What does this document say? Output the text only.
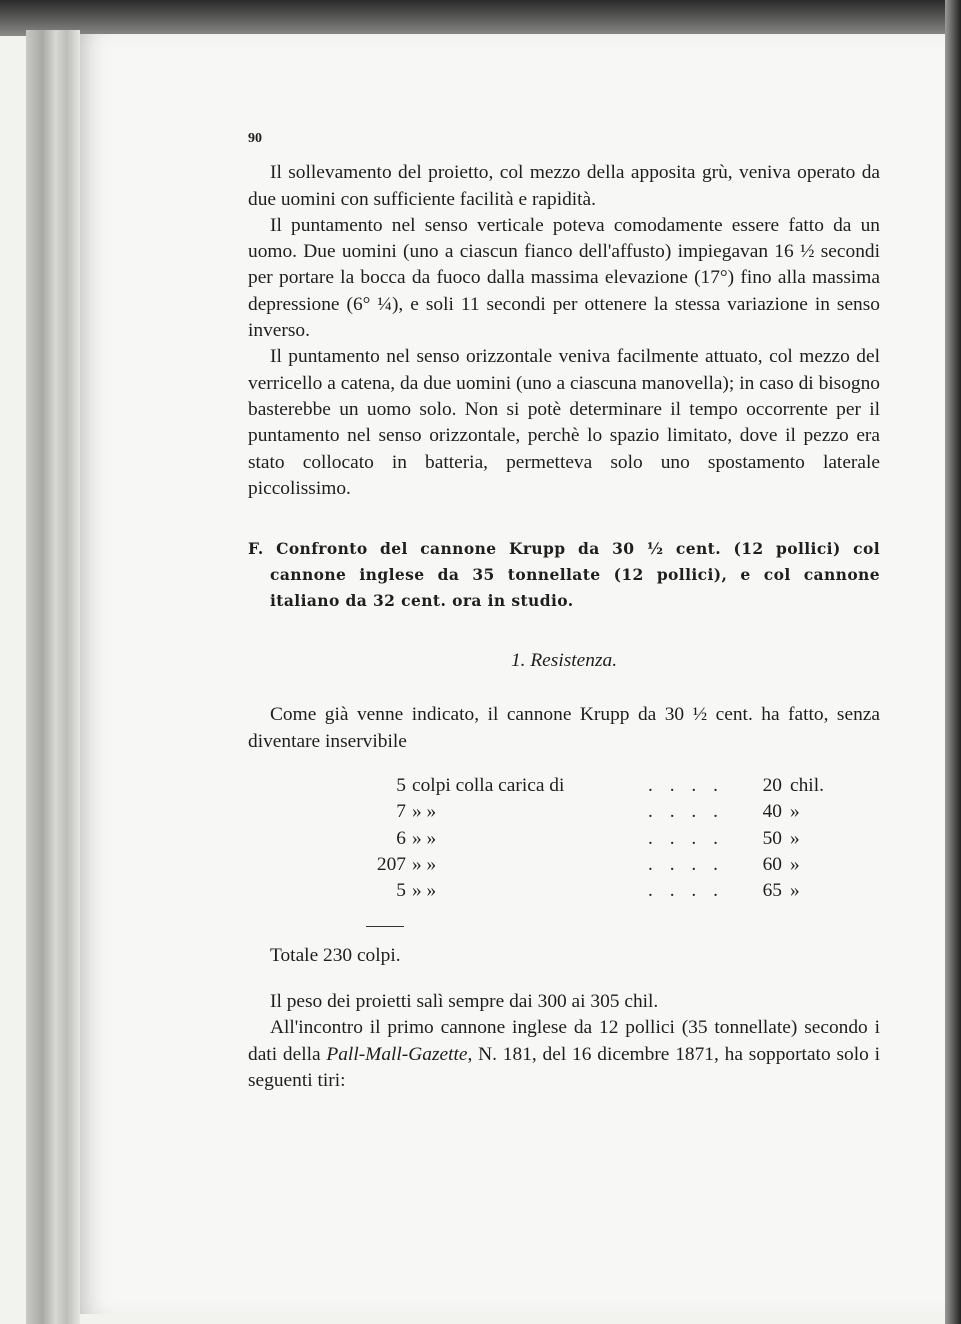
90

Il sollevamento del proietto, col mezzo della apposita grù, veniva operato da due uomini con sufficiente facilità e rapidità.

Il puntamento nel senso verticale poteva comodamente essere fatto da un uomo. Due uomini (uno a ciascun fianco dell'affusto) impiegavan 16 ½ secondi per portare la bocca da fuoco dalla massima elevazione (17°) fino alla massima depressione (6° ¼), e soli 11 secondi per ottenere la stessa variazione in senso inverso.

Il puntamento nel senso orizzontale veniva facilmente attuato, col mezzo del verricello a catena, da due uomini (uno a ciascuna manovella); in caso di bisogno basterebbe un uomo solo. Non si potè determinare il tempo occorrente per il puntamento nel senso orizzontale, perchè lo spazio limitato, dove il pezzo era stato collocato in batteria, permetteva solo uno spostamento laterale piccolissimo.

F. Confronto del cannone Krupp da 30 ½ cent. (12 pollici) col cannone inglese da 35 tonnellate (12 pollici), e col cannone italiano da 32 cent. ora in studio.
1. Resistenza.

Come già venne indicato, il cannone Krupp da 30 ½ cent. ha fatto, senza diventare inservibile

5	colpi colla carica di	. . . .	20	chil.
7	» »	. . . .	40	»
6	» »	. . . .	50	»
207	» »	. . . .	60	»
5	» »	. . . .	65	»
Totale 230 colpi.

Il peso dei proietti salì sempre dai 300 ai 305 chil.

All'incontro il primo cannone inglese da 12 pollici (35 tonnellate) secondo i dati della Pall-Mall-Gazette, N. 181, del 16 dicembre 1871, ha sopportato solo i seguenti tiri:
